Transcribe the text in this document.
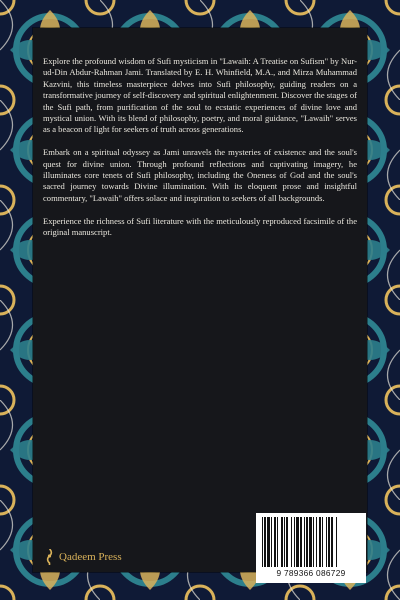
Explore the profound wisdom of Sufi mysticism in "Lawaih: A Treatise on Sufism" by Nur-ud-Din Abdur-Rahman Jami. Translated by E. H. Whinfield, M.A., and Mirza Muhammad Kazvini, this timeless masterpiece delves into Sufi philosophy, guiding readers on a transformative journey of self-discovery and spiritual enlightenment. Discover the stages of the Sufi path, from purification of the soul to ecstatic experiences of divine love and mystical union. With its blend of philosophy, poetry, and moral guidance, "Lawaih" serves as a beacon of light for seekers of truth across generations.

Embark on a spiritual odyssey as Jami unravels the mysteries of existence and the soul's quest for divine union. Through profound reflections and captivating imagery, he illuminates core tenets of Sufi philosophy, including the Oneness of God and the soul's sacred journey towards Divine illumination. With its eloquent prose and insightful commentary, "Lawaih" offers solace and inspiration to seekers of all backgrounds.

Experience the richness of Sufi literature with the meticulously reproduced facsimile of the original manuscript.

Qadeem Press
9 789366 086729
